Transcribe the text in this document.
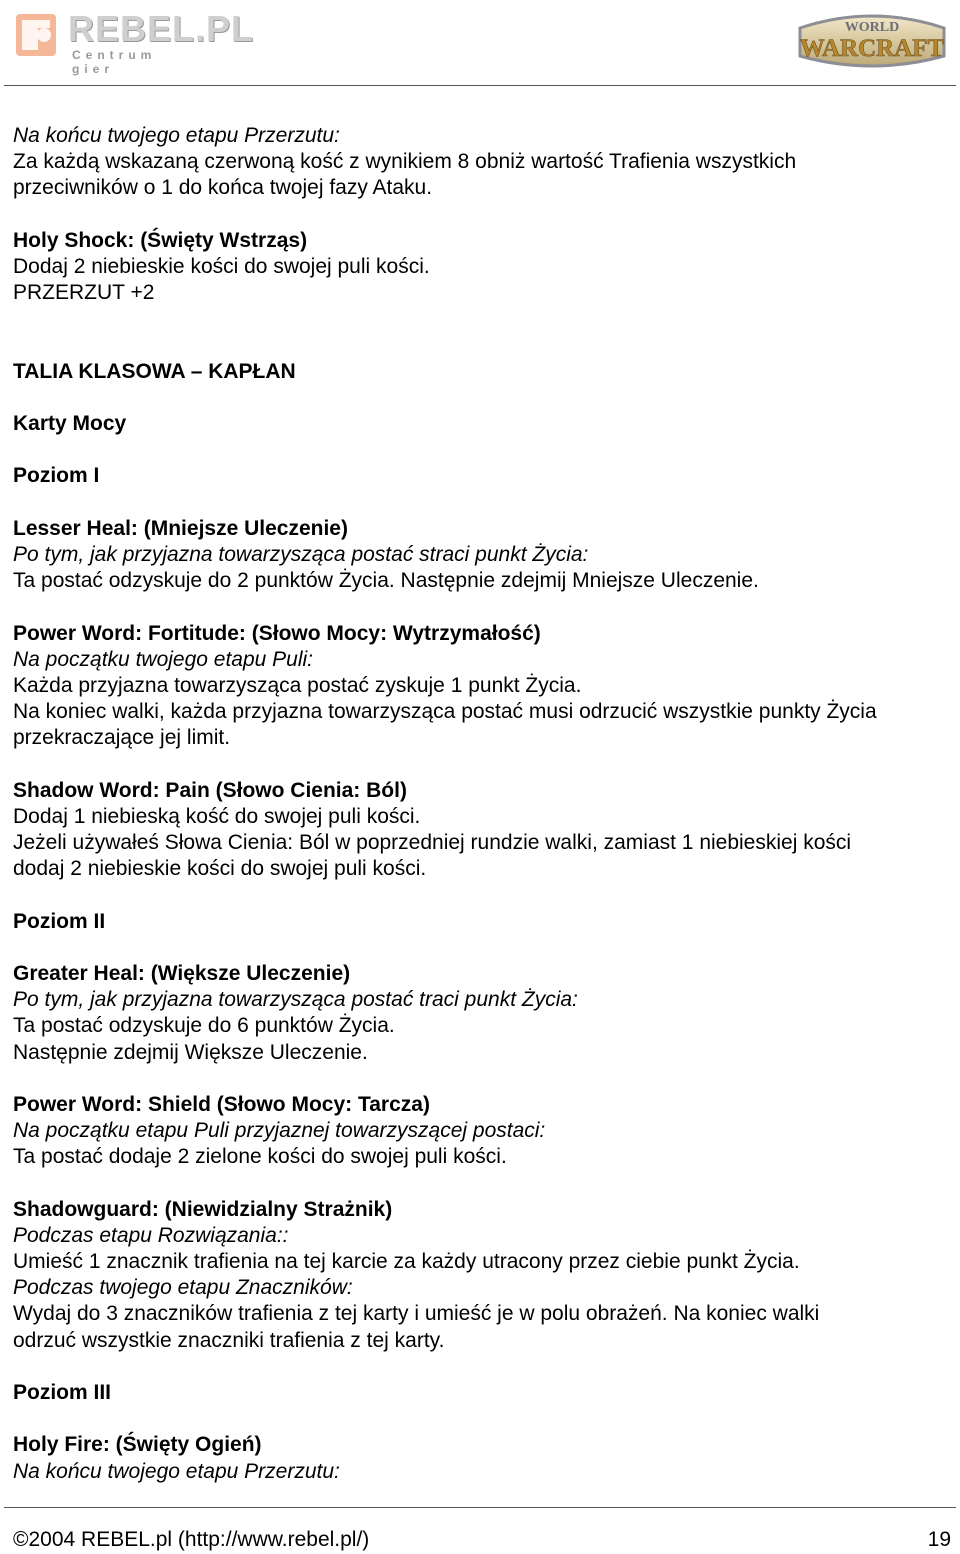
REBEL.PL
Centrum gier
WORLD
WARCRAFT
Na końcu twojego etapu Przerzutu:
Za każdą wskazaną czerwoną kość z wynikiem 8 obniż wartość Trafienia wszystkich
przeciwników o 1 do końca twojej fazy Ataku.
Holy Shock: (Święty Wstrząs)
Dodaj 2 niebieskie kości do swojej puli kości.
PRZERZUT +2
TALIA KLASOWA – KAPŁAN
Karty Mocy
Poziom I
Lesser Heal: (Mniejsze Uleczenie)
Po tym, jak przyjazna towarzysząca postać straci punkt Życia:
Ta postać odzyskuje do 2 punktów Życia. Następnie zdejmij Mniejsze Uleczenie.
Power Word: Fortitude: (Słowo Mocy: Wytrzymałość)
Na początku twojego etapu Puli:
Każda przyjazna towarzysząca postać zyskuje 1 punkt Życia.
Na koniec walki, każda przyjazna towarzysząca postać musi odrzucić wszystkie punkty Życia
przekraczające jej limit.
Shadow Word: Pain (Słowo Cienia: Ból)
Dodaj 1 niebieską kość do swojej puli kości.
Jeżeli używałeś Słowa Cienia: Ból w poprzedniej rundzie walki, zamiast 1 niebieskiej kości
dodaj 2 niebieskie kości do swojej puli kości.
Poziom II
Greater Heal: (Większe Uleczenie)
Po tym, jak przyjazna towarzysząca postać traci punkt Życia:
Ta postać odzyskuje do 6 punktów Życia.
Następnie zdejmij Większe Uleczenie.
Power Word: Shield (Słowo Mocy: Tarcza)
Na początku etapu Puli przyjaznej towarzyszącej postaci:
Ta postać dodaje 2 zielone kości do swojej puli kości.
Shadowguard: (Niewidzialny Strażnik)
Podczas etapu Rozwiązania::
Umieść 1 znacznik trafienia na tej karcie za każdy utracony przez ciebie punkt Życia.
Podczas twojego etapu Znaczników:
Wydaj do 3 znaczników trafienia z tej karty i umieść je w polu obrażeń. Na koniec walki
odrzuć wszystkie znaczniki trafienia z tej karty.
Poziom III
Holy Fire: (Święty Ogień)
Na końcu twojego etapu Przerzutu:
©2004 REBEL.pl (http://www.rebel.pl/)	19
